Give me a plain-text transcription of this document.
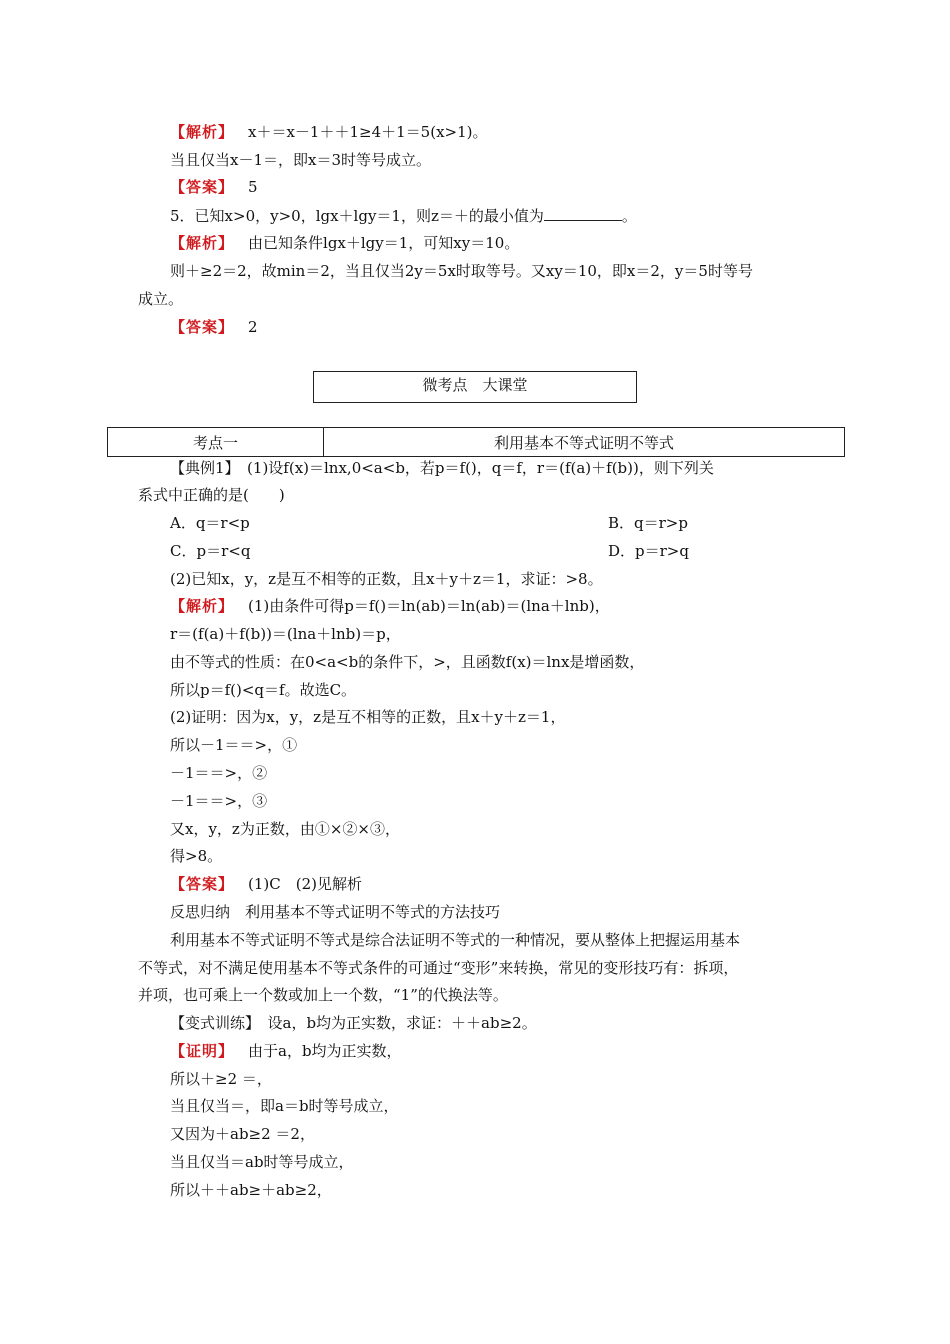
【解析】 x＋＝x－1＋＋1≥4＋1＝5(x>1)。
当且仅当x－1＝，即x＝3时等号成立。
【答案】 5
5．已知x>0，y>0，lgx＋lgy＝1，则z＝＋的最小值为	。
【解析】 由已知条件lgx＋lgy＝1，可知xy＝10。
则＋≥2＝2，故min＝2，当且仅当2y＝5x时取等号。又xy＝10，即x＝2，y＝5时等号
成立。
【答案】 2
微考点　大课堂
考点一	利用基本不等式证明不等式
【典例1】　(1)设f(x)＝lnx,0<a<b，若p＝f()，q＝f，r＝(f(a)＋f(b))，则下列关
系式中正确的是(　　)
A．q＝r<p	B．q＝r>p
C．p＝r<q	D．p＝r>q
(2)已知x，y，z是互不相等的正数，且x＋y＋z＝1，求证：>8。
【解析】 (1)由条件可得p＝f()＝ln(ab)＝ln(ab)＝(lna＋lnb)，
r＝(f(a)＋f(b))＝(lna＋lnb)＝p，
由不等式的性质：在0<a<b的条件下，>，且函数f(x)＝lnx是增函数，
所以p＝f()<q＝f。故选C。
(2)证明：因为x，y，z是互不相等的正数，且x＋y＋z＝1，
所以－1＝＝>，①
－1＝＝>，②
－1＝＝>，③
又x，y，z为正数，由①×②×③，
得>8。
【答案】 (1)C　(2)见解析
反思归纳　利用基本不等式证明不等式的方法技巧
利用基本不等式证明不等式是综合法证明不等式的一种情况，要从整体上把握运用基本
不等式，对不满足使用基本不等式条件的可通过“变形”来转换，常见的变形技巧有：拆项，
并项，也可乘上一个数或加上一个数，“1”的代换法等。
【变式训练】　设a，b均为正实数，求证：＋＋ab≥2。
【证明】 由于a，b均为正实数，
所以＋≥2 ＝，
当且仅当＝，即a＝b时等号成立，
又因为＋ab≥2 ＝2，
当且仅当＝ab时等号成立，
所以＋＋ab≥＋ab≥2，
